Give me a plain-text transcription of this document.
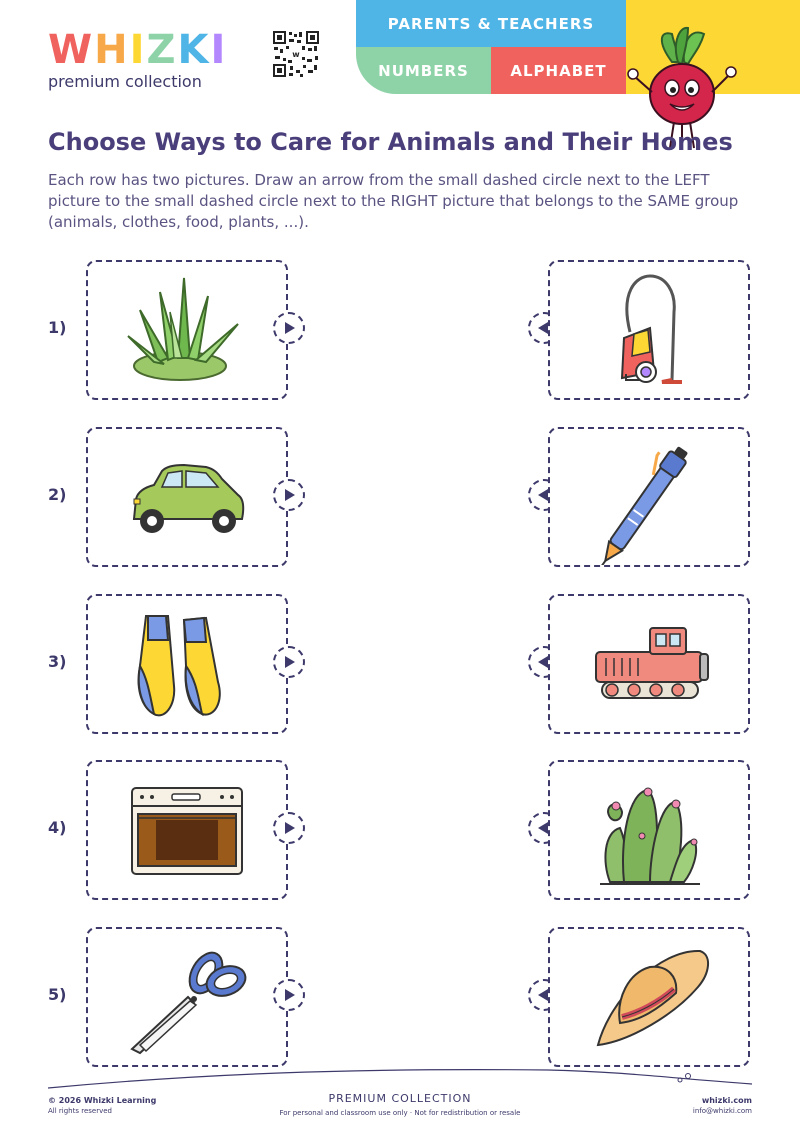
WHIZKI
premium collection
w
PARENTS & TEACHERS
NUMBERS	ALPHABET
Choose Ways to Care for Animals and Their Homes
Each row has two pictures. Draw an arrow from the small dashed circle next to the LEFT picture to the small dashed circle next to the RIGHT picture that belongs to the SAME group (animals, clothes, food, plants, ...).
1)
2)
3)
4)
5)
© 2026 Whizki Learning
All rights reserved
PREMIUM COLLECTION
For personal and classroom use only · Not for redistribution or resale
whizki.com
info@whizki.com
